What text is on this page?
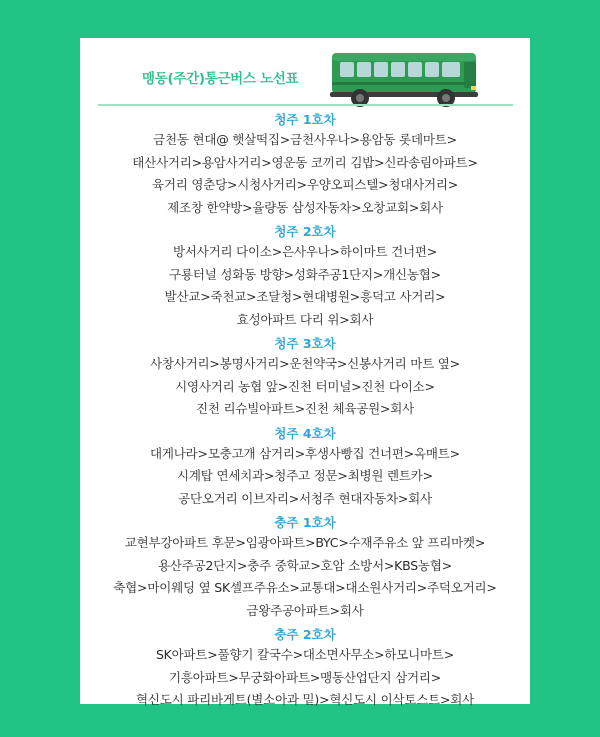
맹동(주간)통근버스 노선표
청주 1호차
금천동 현대@ 햇살떡집>금천사우나>용암동 롯데마트>
태산사거리>용암사거리>영운동 코끼리 김밥>신라송림아파트>
육거리 영춘당>시청사거리>우양오피스텔>청대사거리>
제조창 한약방>율량동 삼성자동차>오창교회>회사
청주 2호차
방서사거리 다이소>은사우나>하이마트 건너편>
구룡터널 성화동 방향>성화주공1단지>개신농협>
발산교>죽천교>조달청>현대병원>흥덕고 사거리>
효성아파트 다리 위>회사
청주 3호차
사창사거리>봉명사거리>운천약국>신봉사거리 마트 옆>
시영사거리 농협 앞>진천 터미널>진천 다이소>
진천 리슈빌아파트>진천 체육공원>회사
청주 4호차
대게나라>모충고개 삼거리>후생사빵집 건너편>옥매트>
시계탑 연세치과>청주고 정문>최병원 렌트카>
공단오거리 이브자리>서청주 현대자동차>회사
충주 1호차
교현부강아파트 후문>임광아파트>BYC>수재주유소 앞 프리마켓>
용산주공2단지>충주 중학교>호암 소방서>KBS농협>
축협>마이웨딩 옆 SK셀프주유소>교통대>대소원사거리>주덕오거리>
금왕주공아파트>회사
충주 2호차
SK아파트>풀향기 칼국수>대소면사무소>하모니마트>
기흥아파트>무궁화아파트>맹동산업단지 삼거리>
혁신도시 파리바게트(별소아과 밑)>혁신도시 이삭토스트>회사
